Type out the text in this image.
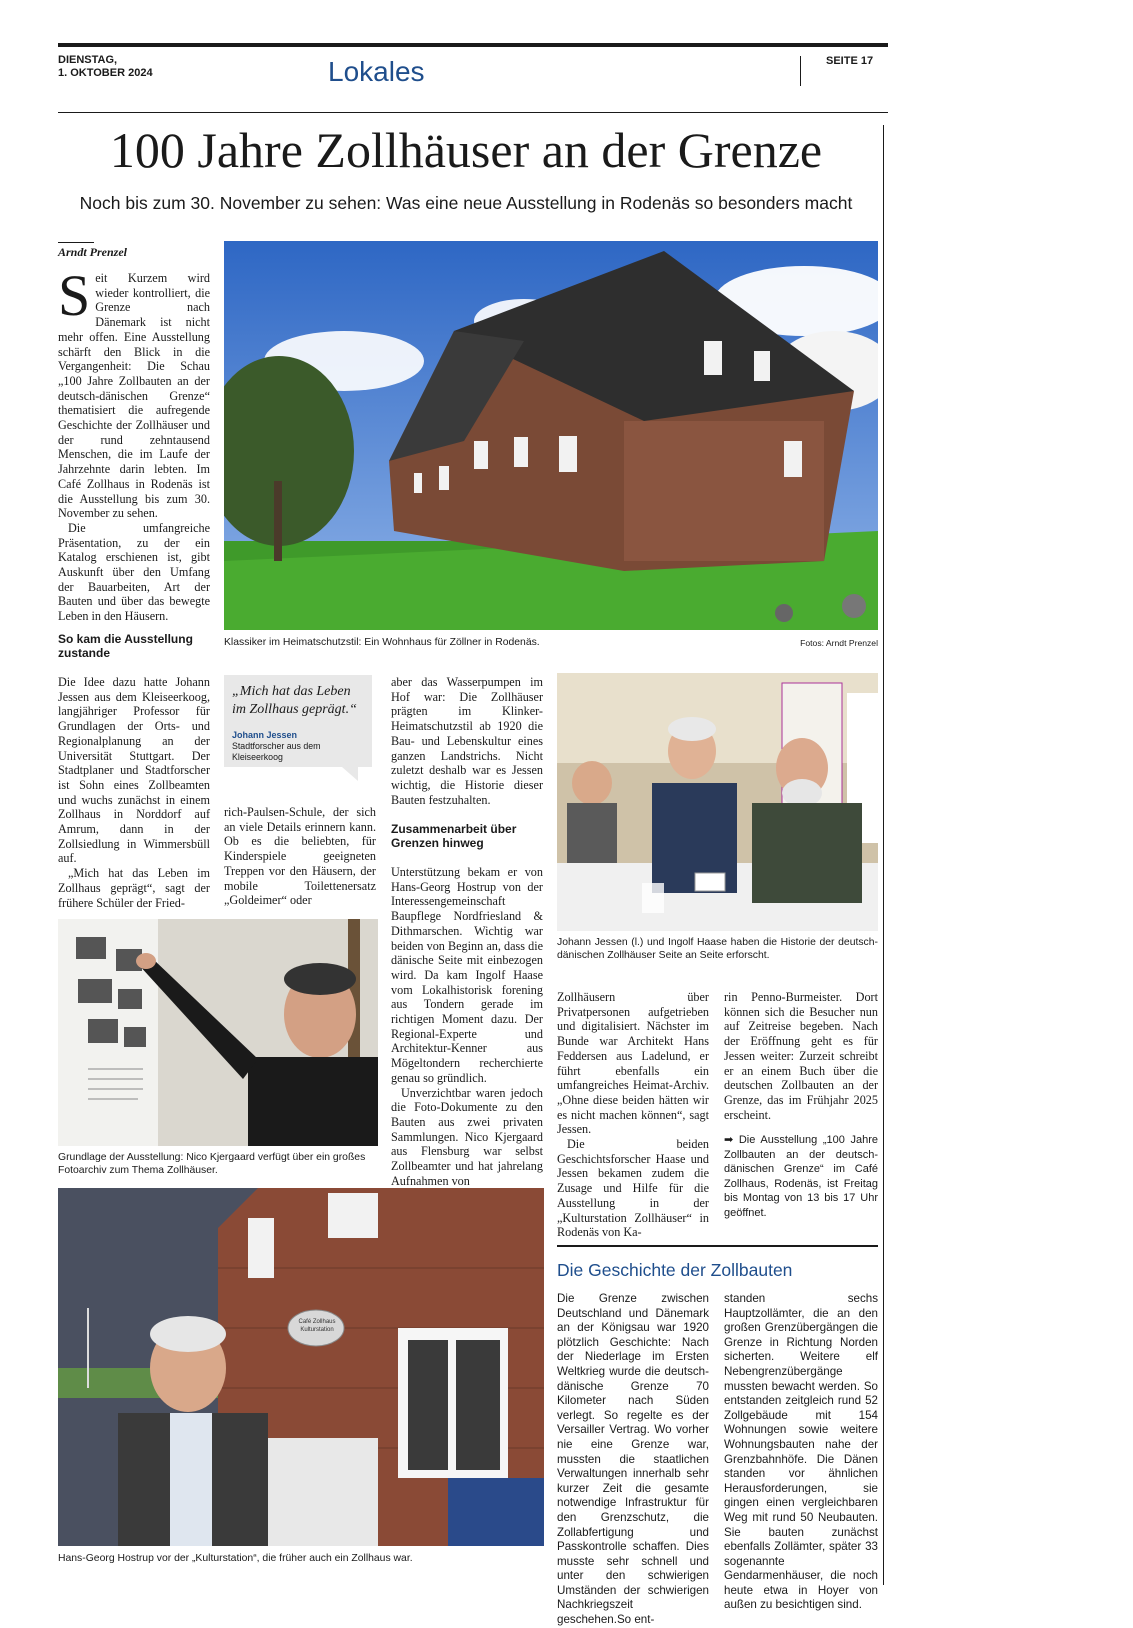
DIENSTAG,
1. OKTOBER 2024	Lokales	SEITE 17
100 Jahre Zollhäuser an der Grenze
Noch bis zum 30. November zu sehen: Was eine neue Ausstellung in Rodenäs so besonders macht
Arndt Prenzel

Seit Kurzem wird wieder kontrolliert, die Grenze nach Dänemark ist nicht mehr offen. Eine Ausstellung schärft den Blick in die Vergangenheit: Die Schau „100 Jahre Zollbauten an der deutsch-dänischen Grenze“ thematisiert die aufregende Geschichte der Zollhäuser und der rund zehntausend Menschen, die im Laufe der Jahrzehnte darin lebten. Im Café Zollhaus in Rodenäs ist die Ausstellung bis zum 30. November zu sehen.

Die umfangreiche Präsentation, zu der ein Katalog erschienen ist, gibt Auskunft über den Umfang der Bauarbeiten, Art der Bauten und über das bewegte Leben in den Häusern.

So kam die Ausstellung zustande

Die Idee dazu hatte Johann Jessen aus dem Kleiseerkoog, langjähriger Professor für Grundlagen der Orts- und Regionalplanung an der Universität Stuttgart. Der Stadtplaner und Stadtforscher ist Sohn eines Zollbeamten und wuchs zunächst in einem Zollhaus in Norddorf auf Amrum, dann in der Zollsiedlung in Wimmersbüll auf.

„Mich hat das Leben im Zollhaus geprägt“, sagt der frühere Schüler der Fried-

Klassiker im Heimatschutzstil: Ein Wohnhaus für Zöllner in Rodenäs.	Fotos: Arndt Prenzel
„Mich hat das Leben im Zollhaus geprägt.“
Johann Jessen
Stadtforscher aus dem Kleiseerkoog

rich-Paulsen-Schule, der sich an viele Details erinnern kann. Ob es die beliebten, für Kinderspiele geeigneten Treppen vor den Häusern, der mobile Toilettenersatz „Goldeimer“ oder

aber das Wasserpumpen im Hof war: Die Zollhäuser prägten im Klinker-Heimatschutzstil ab 1920 die Bau- und Lebenskultur eines ganzen Landstrichs. Nicht zuletzt deshalb war es Jessen wichtig, die Historie dieser Bauten festzuhalten.

Zusammenarbeit über Grenzen hinweg

Unterstützung bekam er von Hans-Georg Hostrup von der Interessengemeinschaft Baupflege Nordfriesland & Dithmarschen. Wichtig war beiden von Beginn an, dass die dänische Seite mit einbezogen wird. Da kam Ingolf Haase vom Lokalhistorisk forening aus Tondern gerade im richtigen Moment dazu. Der Regional-Experte und Architektur-Kenner aus Mögeltondern recherchierte genau so gründlich.

Unverzichtbar waren jedoch die Foto-Dokumente zu den Bauten aus zwei privaten Sammlungen. Nico Kjergaard aus Flensburg war selbst Zollbeamter und hat jahrelang Aufnahmen von

Johann Jessen (l.) und Ingolf Haase haben die Historie der deutsch-dänischen Zollhäuser Seite an Seite erforscht.
Grundlage der Ausstellung: Nico Kjergaard verfügt über ein großes Fotoarchiv zum Thema Zollhäuser.

Zollhäusern über Privatpersonen aufgetrieben und digitalisiert. Nächster im Bunde war Architekt Hans Feddersen aus Ladelund, er führt ebenfalls ein umfangreiches Heimat-Archiv. „Ohne diese beiden hätten wir es nicht machen können“, sagt Jessen.

Die beiden Geschichtsforscher Haase und Jessen bekamen zudem die Zusage und Hilfe für die Ausstellung in der „Kulturstation Zollhäuser“ in Rodenäs von Ka-

rin Penno-Burmeister. Dort können sich die Besucher nun auf Zeitreise begeben. Nach der Eröffnung geht es für Jessen weiter: Zurzeit schreibt er an einem Buch über die deutschen Zollbauten an der Grenze, das im Frühjahr 2025 erscheint.

➡ Die Ausstellung „100 Jahre Zollbauten an der deutsch-dänischen Grenze“ im Café Zollhaus, Rodenäs, ist Freitag bis Montag von 13 bis 17 Uhr geöffnet.
Café Zollhaus
Kulturstation
Hans-Georg Hostrup vor der „Kulturstation“, die früher auch ein Zollhaus war.
Die Geschichte der Zollbauten
Die Grenze zwischen Deutschland und Dänemark an der Königsau war 1920 plötzlich Geschichte: Nach der Niederlage im Ersten Weltkrieg wurde die deutsch-dänische Grenze 70 Kilometer nach Süden verlegt. So regelte es der Versailler Vertrag. Wo vorher nie eine Grenze war, mussten die staatlichen Verwaltungen innerhalb sehr kurzer Zeit die gesamte notwendige Infrastruktur für den Grenzschutz, die Zollabfertigung und Passkontrolle schaffen. Dies musste sehr schnell und unter den schwierigen Umständen der schwierigen Nachkriegszeit geschehen.So ent-
standen sechs Hauptzollämter, die an den großen Grenzübergängen die Grenze in Richtung Norden sicherten. Weitere elf Nebengrenzübergänge mussten bewacht werden. So entstanden zeitgleich rund 52 Zollgebäude mit 154 Wohnungen sowie weitere Wohnungsbauten nahe der Grenzbahnhöfe. Die Dänen standen vor ähnlichen Herausforderungen, sie gingen einen vergleichbaren Weg mit rund 50 Neubauten. Sie bauten zunächst ebenfalls Zollämter, später 33 sogenannte Gendarmenhäuser, die noch heute etwa in Hoyer von außen zu besichtigen sind.
